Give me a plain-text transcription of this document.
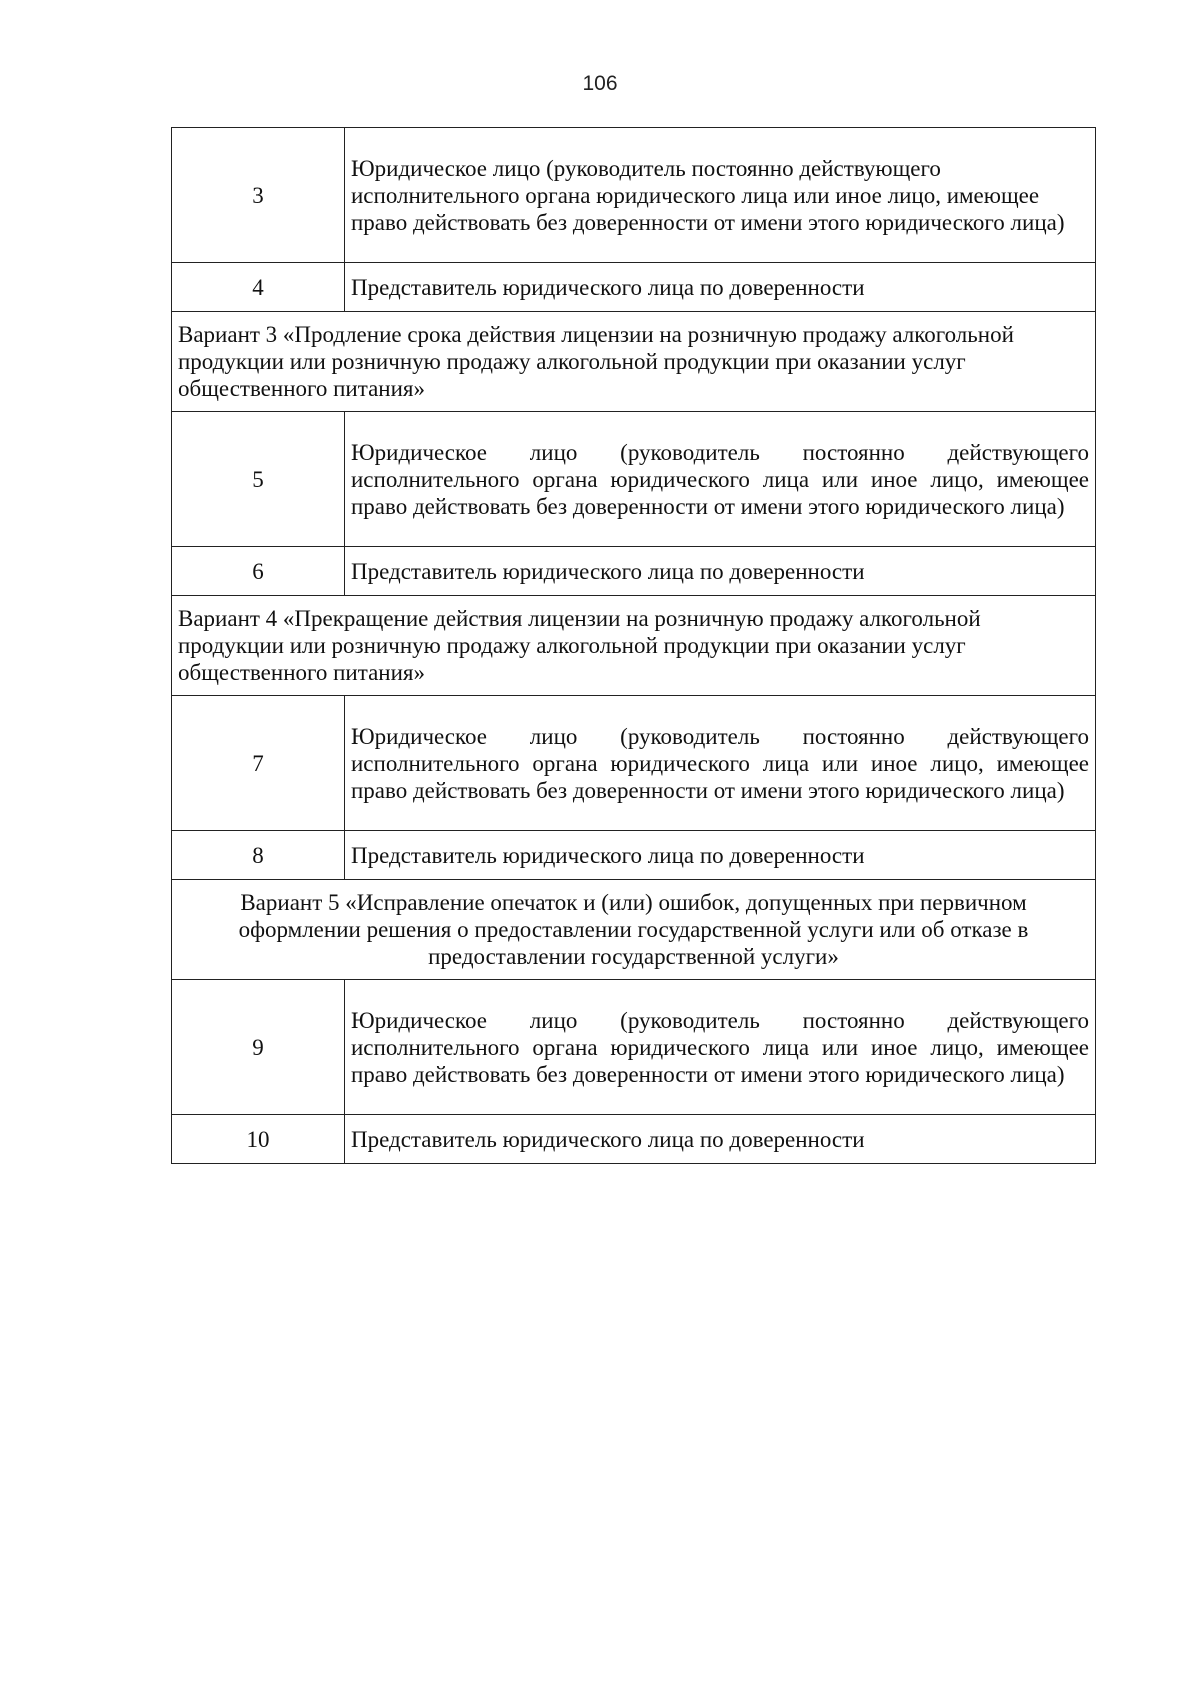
106
3	Юридическое лицо (руководитель постоянно действующего исполнительного органа юридического лица или иное лицо, имеющее право действовать без доверенности от имени этого юридического лица)
4	Представитель юридического лица по доверенности
Вариант 3 «Продление срока действия лицензии на розничную продажу алкогольной продукции или розничную продажу алкогольной продукции при оказании услуг общественного питания»	
5	Юридическое лицо (руководитель постоянно действующего исполнительного органа юридического лица или иное лицо, имеющее право действовать без доверенности от имени этого юридического лица)
6	Представитель юридического лица по доверенности
Вариант 4 «Прекращение действия лицензии на розничную продажу алкогольной продукции или розничную продажу алкогольной продукции при оказании услуг общественного питания»	
7	Юридическое лицо (руководитель постоянно действующего исполнительного органа юридического лица или иное лицо, имеющее право действовать без доверенности от имени этого юридического лица)
8	Представитель юридического лица по доверенности
Вариант 5 «Исправление опечаток и (или) ошибок, допущенных при первичном оформлении решения о предоставлении государственной услуги или об отказе в предоставлении государственной услуги»	
9	Юридическое лицо (руководитель постоянно действующего исполнительного органа юридического лица или иное лицо, имеющее право действовать без доверенности от имени этого юридического лица)
10	Представитель юридического лица по доверенности
